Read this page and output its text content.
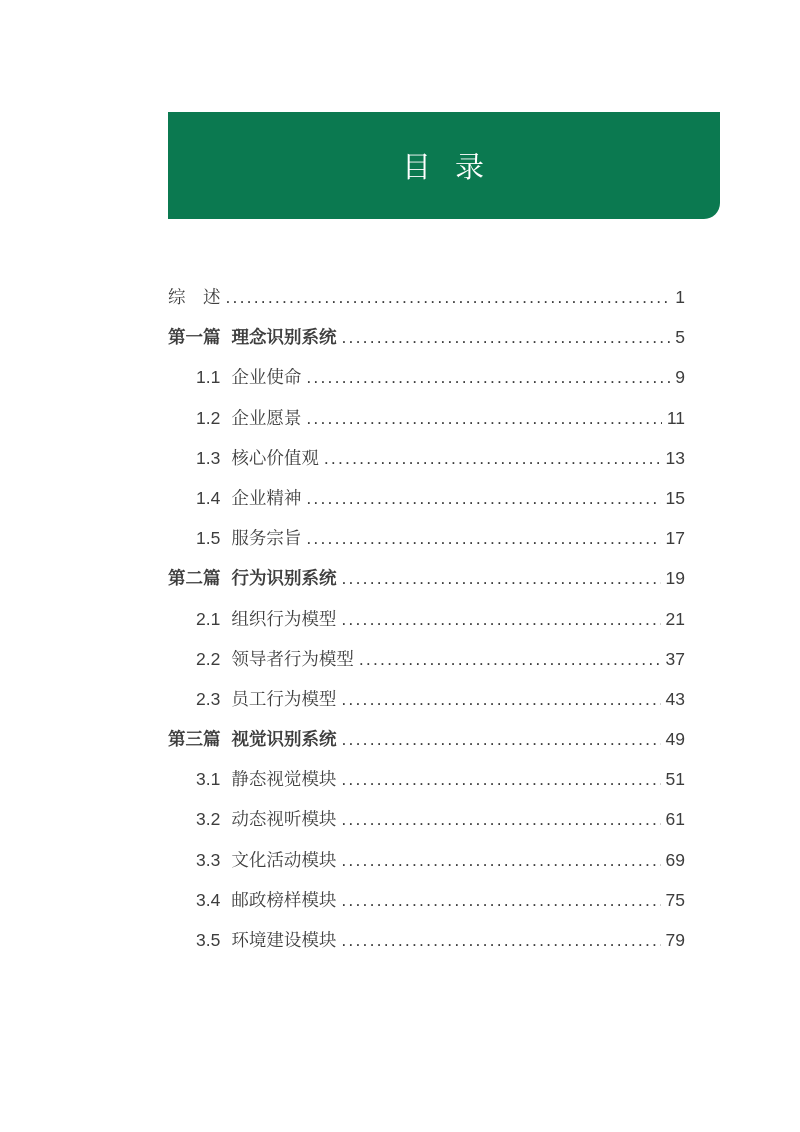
目 录
综　述 .....	1
第一篇 理念识别系统 .....	5
1.1 企业使命 .....	9
1.2 企业愿景 .....	11
1.3 核心价值观 .....	13
1.4 企业精神 .....	15
1.5 服务宗旨 .....	17
第二篇 行为识别系统 .....	19
2.1 组织行为模型 .....	21
2.2 领导者行为模型 .....	37
2.3 员工行为模型 .....	43
第三篇 视觉识别系统 .....	49
3.1 静态视觉模块 .....	51
3.2 动态视听模块 .....	61
3.3 文化活动模块 .....	69
3.4 邮政榜样模块 .....	75
3.5 环境建设模块 .....	79
